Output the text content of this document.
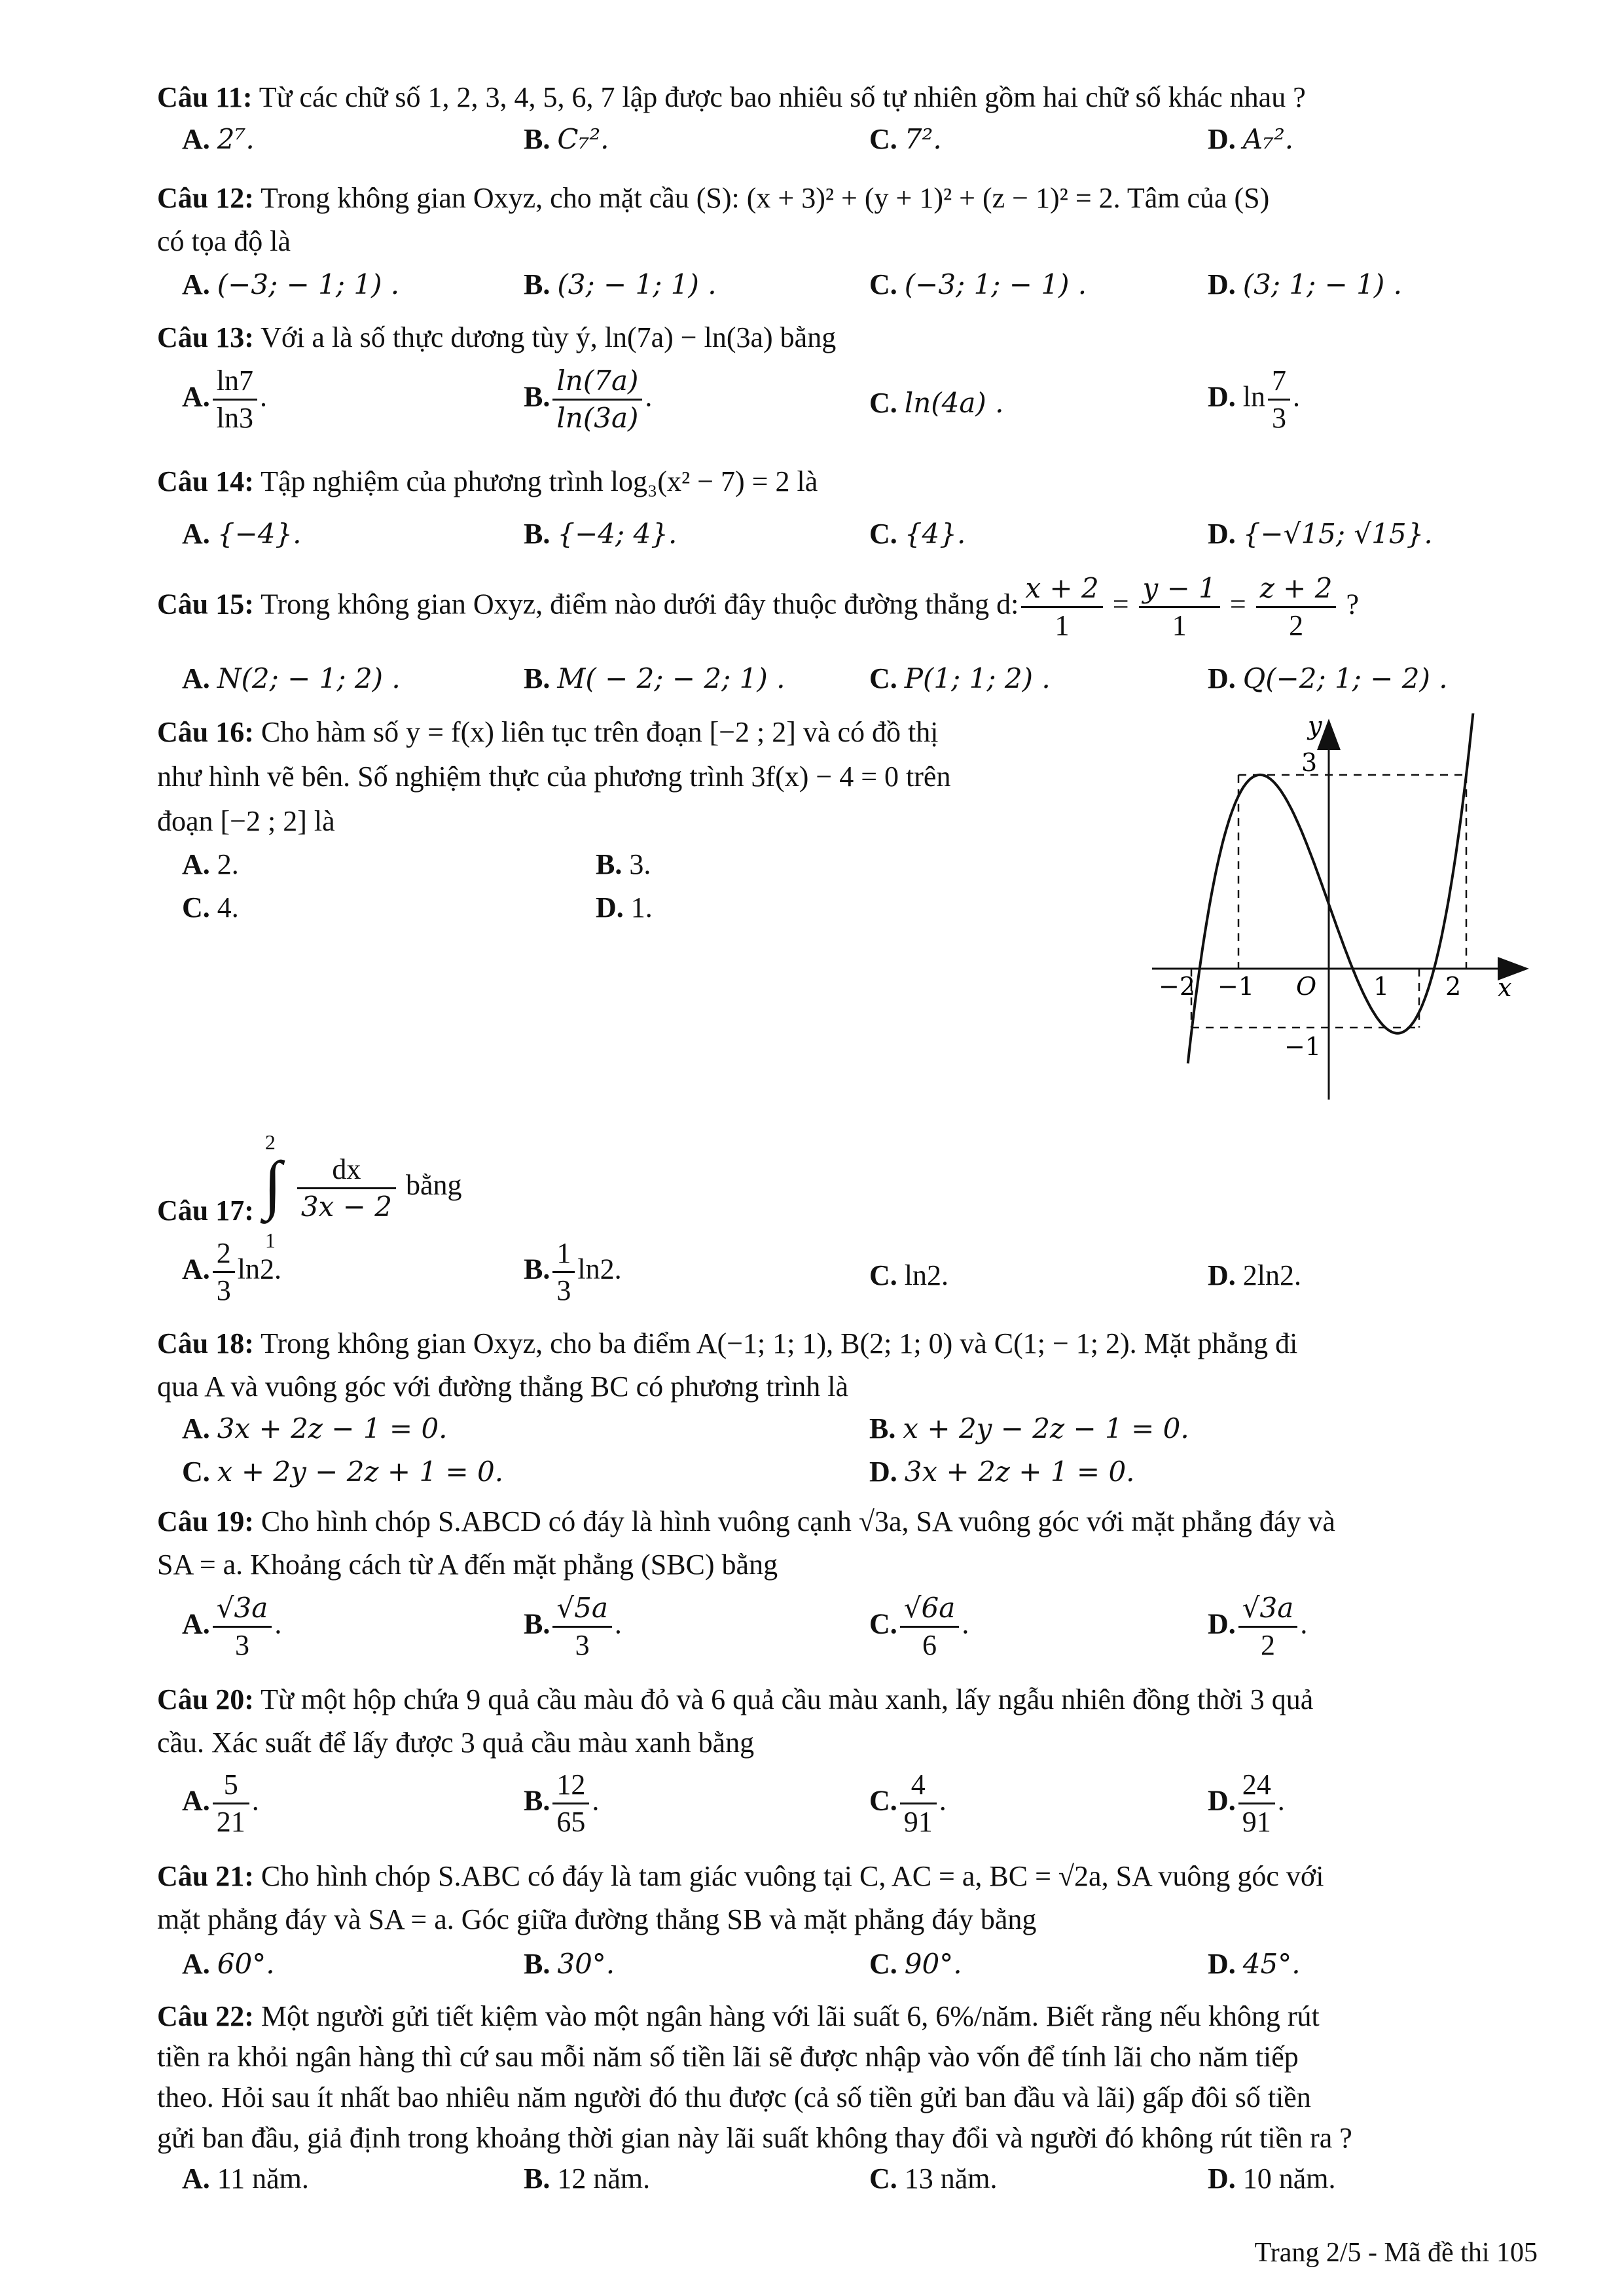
Câu 11: Từ các chữ số 1, 2, 3, 4, 5, 6, 7 lập được bao nhiêu số tự nhiên gồm hai chữ số khác nhau ?
A. 2⁷.	B. C₇².	C. 7².	D. A₇².
Câu 12: Trong không gian Oxyz, cho mặt cầu (S): (x + 3)² + (y + 1)² + (z − 1)² = 2. Tâm của (S)
có tọa độ là
A. (−3; − 1; 1) .	B. (3; − 1; 1) .	C. (−3; 1; − 1) .	D. (3; 1; − 1) .
Câu 13: Với a là số thực dương tùy ý, ln(7a) − ln(3a) bằng
A. $\frac{\ln 7}{\ln 3}$ .	B. $\frac{\ln(7a)}{\ln(3a)}$ .	C. ln(4a) .	D. $\ln \frac{7}{3}$ .
Câu 14: Tập nghiệm của phương trình log₃(x² − 7) = 2 là
A. {−4}.	B. {−4; 4}.	C. {4}.	D. {−√15; √15}.
Câu 15: Trong không gian Oxyz, điểm nào dưới đây thuộc đường thẳng d: $\frac{x + 2}{1} = \frac{y - 1}{1} = \frac{z + 2}{2}$ ?
A. N(2; − 1; 2) .	B. M( − 2; − 2; 1) .	C. P(1; 1; 2) .	D. Q(−2; 1; − 2) .
Câu 16: Cho hàm số y = f(x) liên tục trên đoạn [−2 ; 2] và có đồ thị
như hình vẽ bên. Số nghiệm thực của phương trình 3f(x) − 4 = 0 trên
đoạn [−2 ; 2] là
A. 2.	B. 3.
C. 4.	D. 1.
y
x
O
−2 −1	1 2
3
−1
Câu 17:
2
∫
1

$\frac{dx}{3x - 2}$ bằng
A. $\frac{2}{3} \ln 2$.	B. $\frac{1}{3} \ln 2$.	C. ln2.	D. 2ln2.
Câu 18: Trong không gian Oxyz, cho ba điểm A(−1; 1; 1), B(2; 1; 0) và C(1; − 1; 2). Mặt phẳng đi
qua A và vuông góc với đường thẳng BC có phương trình là
A. 3x + 2z − 1 = 0.	B. x + 2y − 2z − 1 = 0.
C. x + 2y − 2z + 1 = 0.	D. 3x + 2z + 1 = 0.
Câu 19: Cho hình chóp S.ABCD có đáy là hình vuông cạnh √3a, SA vuông góc với mặt phẳng đáy và
SA = a. Khoảng cách từ A đến mặt phẳng (SBC) bằng
A. $\frac{√3a}{3}$ .	B. $\frac{√5a}{3}$ .	C. $\frac{√6a}{6}$ .	D. $\frac{√3a}{2}$ .
Câu 20: Từ một hộp chứa 9 quả cầu màu đỏ và 6 quả cầu màu xanh, lấy ngẫu nhiên đồng thời 3 quả
cầu. Xác suất để lấy được 3 quả cầu màu xanh bằng
A. $\frac{5}{21}$ .	B. $\frac{12}{65}$ .	C. $\frac{4}{91}$ .	D. $\frac{24}{91}$ .
Câu 21: Cho hình chóp S.ABC có đáy là tam giác vuông tại C, AC = a, BC = √2a, SA vuông góc với
mặt phẳng đáy và SA = a. Góc giữa đường thẳng SB và mặt phẳng đáy bằng
A. 60°.	B. 30°.	C. 90°.	D. 45°.
Câu 22: Một người gửi tiết kiệm vào một ngân hàng với lãi suất 6, 6%/năm. Biết rằng nếu không rút
tiền ra khỏi ngân hàng thì cứ sau mỗi năm số tiền lãi sẽ được nhập vào vốn để tính lãi cho năm tiếp
theo. Hỏi sau ít nhất bao nhiêu năm người đó thu được (cả số tiền gửi ban đầu và lãi) gấp đôi số tiền
gửi ban đầu, giả định trong khoảng thời gian này lãi suất không thay đổi và người đó không rút tiền ra ?
A. 11 năm.	B. 12 năm.	C. 13 năm.	D. 10 năm.
Trang 2/5 - Mã đề thi 105
